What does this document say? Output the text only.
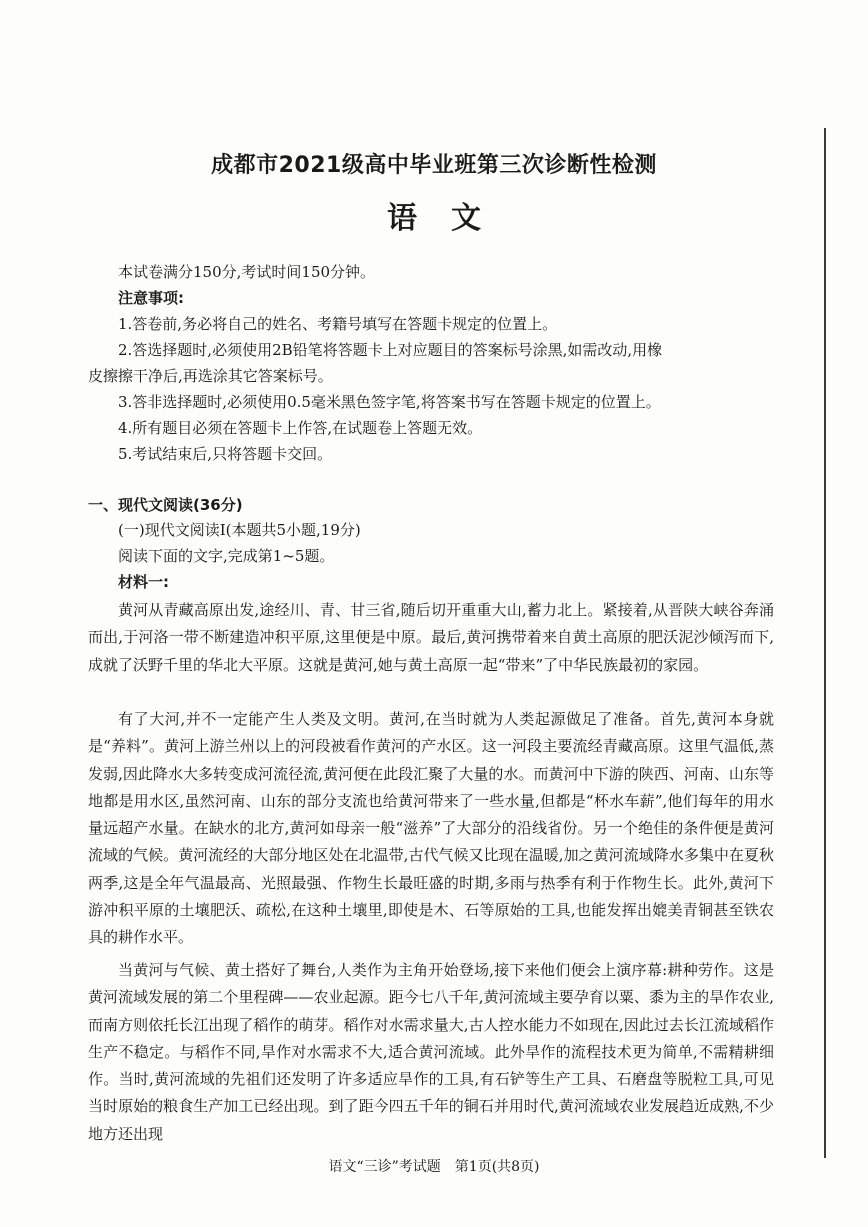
成都市2021级高中毕业班第三次诊断性检测
语文
本试卷满分150分,考试时间150分钟。
注意事项:
1.答卷前,务必将自己的姓名、考籍号填写在答题卡规定的位置上。
2.答选择题时,必须使用2B铅笔将答题卡上对应题目的答案标号涂黑,如需改动,用橡
皮擦擦干净后,再选涂其它答案标号。
3.答非选择题时,必须使用0.5毫米黑色签字笔,将答案书写在答题卡规定的位置上。
4.所有题目必须在答题卡上作答,在试题卷上答题无效。
5.考试结束后,只将答题卡交回。
一、现代文阅读(36分)
(一)现代文阅读Ⅰ(本题共5小题,19分)
阅读下面的文字,完成第1~5题。
材料一:

黄河从青藏高原出发,途经川、青、甘三省,随后切开重重大山,蓄力北上。紧接着,从晋陕大峡谷奔涌而出,于河洛一带不断建造冲积平原,这里便是中原。最后,黄河携带着来自黄土高原的肥沃泥沙倾泻而下,成就了沃野千里的华北大平原。这就是黄河,她与黄土高原一起“带来”了中华民族最初的家园。

有了大河,并不一定能产生人类及文明。黄河,在当时就为人类起源做足了准备。首先,黄河本身就是“养料”。黄河上游兰州以上的河段被看作黄河的产水区。这一河段主要流经青藏高原。这里气温低,蒸发弱,因此降水大多转变成河流径流,黄河便在此段汇聚了大量的水。而黄河中下游的陕西、河南、山东等地都是用水区,虽然河南、山东的部分支流也给黄河带来了一些水量,但都是“杯水车薪”,他们每年的用水量远超产水量。在缺水的北方,黄河如母亲一般“滋养”了大部分的沿线省份。另一个绝佳的条件便是黄河流域的气候。黄河流经的大部分地区处在北温带,古代气候又比现在温暖,加之黄河流域降水多集中在夏秋两季,这是全年气温最高、光照最强、作物生长最旺盛的时期,多雨与热季有利于作物生长。此外,黄河下游冲积平原的土壤肥沃、疏松,在这种土壤里,即使是木、石等原始的工具,也能发挥出媲美青铜甚至铁农具的耕作水平。

当黄河与气候、黄土搭好了舞台,人类作为主角开始登场,接下来他们便会上演序幕:耕种劳作。这是黄河流域发展的第二个里程碑——农业起源。距今七八千年,黄河流域主要孕育以粟、黍为主的旱作农业,而南方则依托长江出现了稻作的萌芽。稻作对水需求量大,古人控水能力不如现在,因此过去长江流域稻作生产不稳定。与稻作不同,旱作对水需求不大,适合黄河流域。此外旱作的流程技术更为简单,不需精耕细作。当时,黄河流域的先祖们还发明了许多适应旱作的工具,有石铲等生产工具、石磨盘等脱粒工具,可见当时原始的粮食生产加工已经出现。到了距今四五千年的铜石并用时代,黄河流域农业发展趋近成熟,不少地方还出现

语文“三诊”考试题　第1页(共8页)
